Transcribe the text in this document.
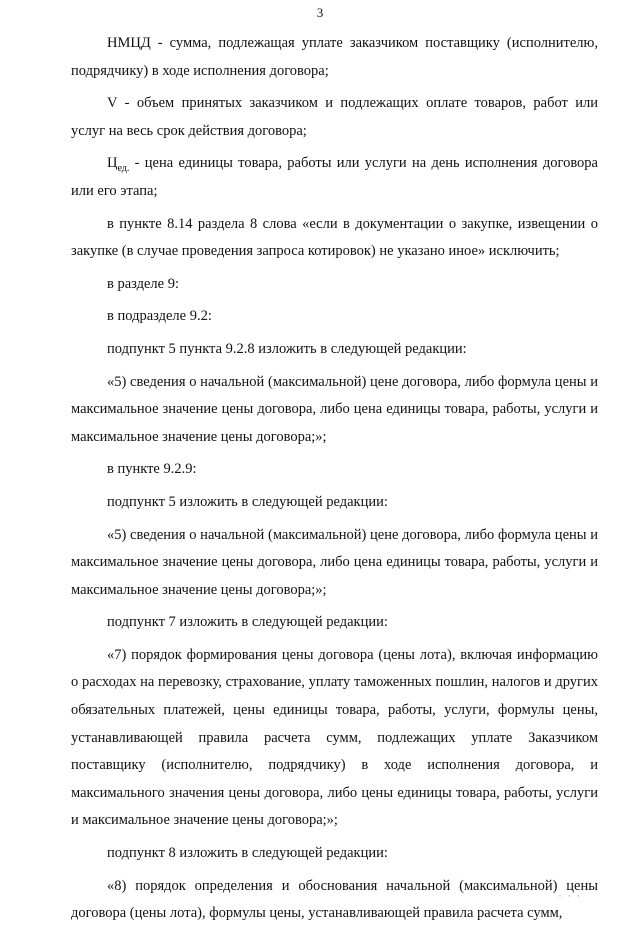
3

НМЦД - сумма, подлежащая уплате заказчиком поставщику (исполнителю, подрядчику) в ходе исполнения договора;

V - объем принятых заказчиком и подлежащих оплате товаров, работ или услуг на весь срок действия договора;

$Ц_{ед.}$ - цена единицы товара, работы или услуги на день исполнения договора или его этапа;

в пункте 8.14 раздела 8 слова «если в документации о закупке, извещении о закупке (в случае проведения запроса котировок) не указано иное» исключить;

в разделе 9:

в подразделе 9.2:

подпункт 5 пункта 9.2.8 изложить в следующей редакции:

«5) сведения о начальной (максимальной) цене договора, либо формула цены и максимальное значение цены договора, либо цена единицы товара, работы, услуги и максимальное значение цены договора;»;

в пункте 9.2.9:

подпункт 5 изложить в следующей редакции:

«5) сведения о начальной (максимальной) цене договора, либо формула цены и максимальное значение цены договора, либо цена единицы товара, работы, услуги и максимальное значение цены договора;»;

подпункт 7 изложить в следующей редакции:

«7) порядок формирования цены договора (цены лота), включая информацию о расходах на перевозку, страхование, уплату таможенных пошлин, налогов и других обязательных платежей, цены единицы товара, работы, услуги, формулы цены, устанавливающей правила расчета сумм, подлежащих уплате Заказчиком поставщику (исполнителю, подрядчику) в ходе исполнения договора, и максимального значения цены договора, либо цены единицы товара, работы, услуги и максимальное значение цены договора;»;

подпункт 8 изложить в следующей редакции:

«8) порядок определения и обоснования начальной (максимальной) цены договора (цены лота), формулы цены, устанавливающей правила расчета сумм,

· · ·
